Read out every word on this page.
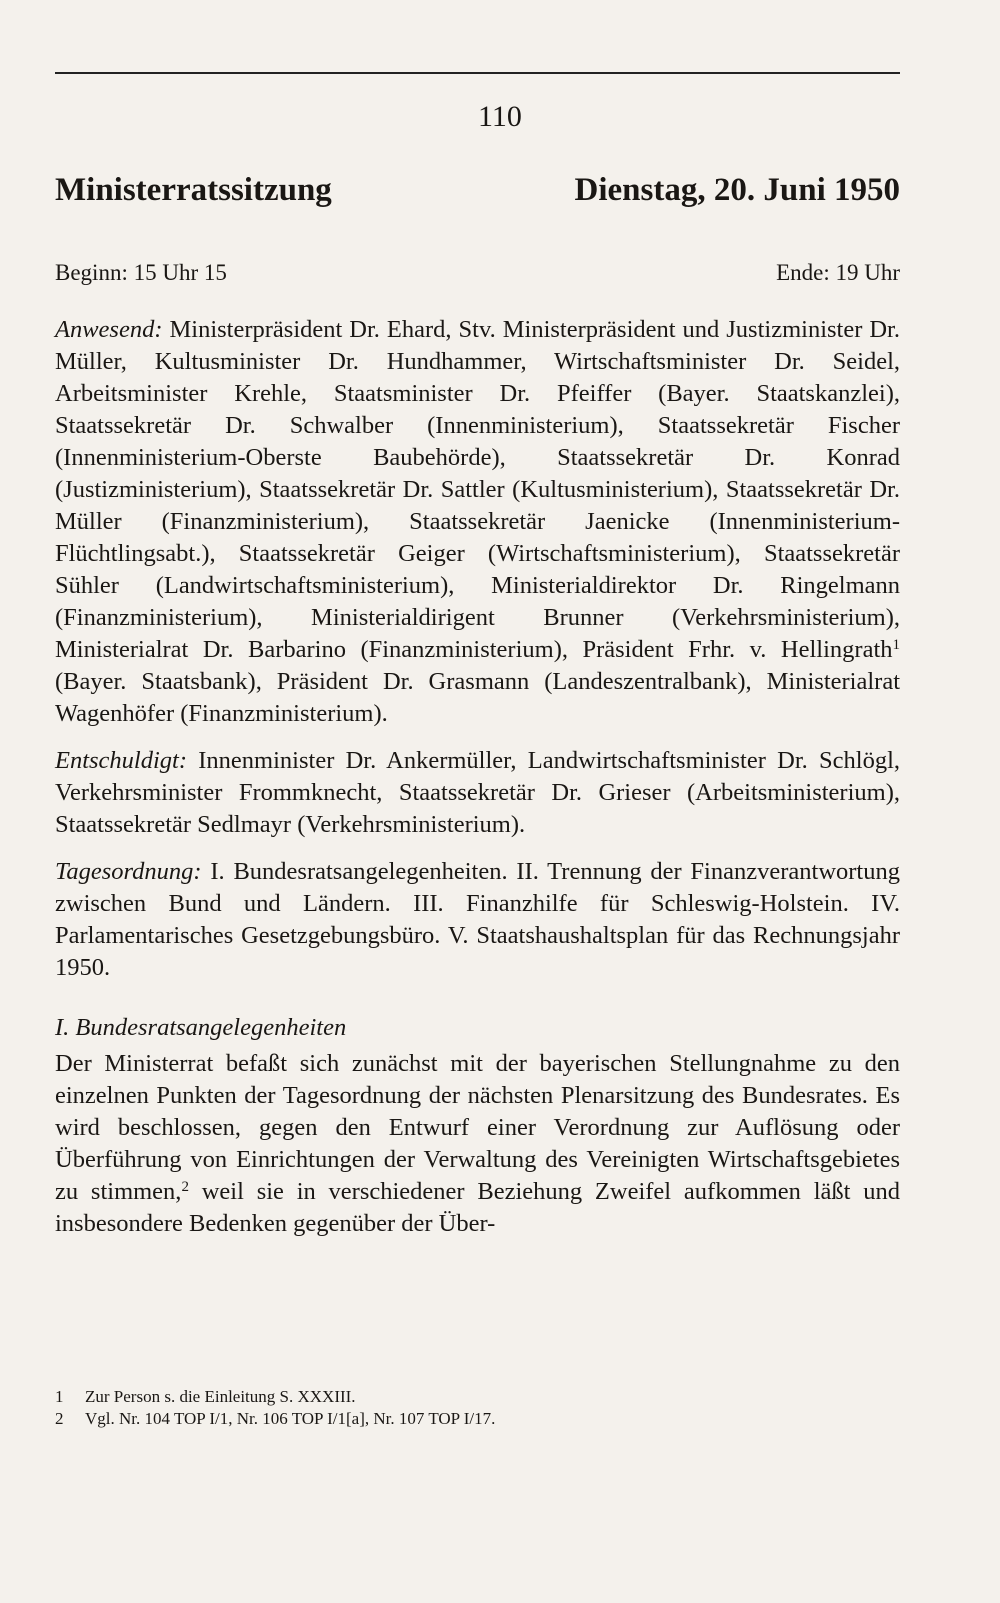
110
Ministerratssitzung	Dienstag, 20. Juni 1950
Beginn: 15 Uhr 15	Ende: 19 Uhr

Anwesend: Ministerpräsident Dr. Ehard, Stv. Ministerpräsident und Justizminister Dr. Müller, Kultusminister Dr. Hundhammer, Wirtschaftsminister Dr. Seidel, Arbeitsminister Krehle, Staatsminister Dr. Pfeiffer (Bayer. Staatskanzlei), Staatssekretär Dr. Schwalber (Innenministerium), Staatssekretär Fischer (Innenministerium-Oberste Baubehörde), Staatssekretär Dr. Konrad (Justizministerium), Staatssekretär Dr. Sattler (Kultusministerium), Staatssekretär Dr. Müller (Finanzministerium), Staatssekretär Jaenicke (Innenministerium-Flüchtlingsabt.), Staatssekretär Geiger (Wirtschaftsministerium), Staatssekretär Sühler (Landwirtschaftsministerium), Ministerialdirektor Dr. Ringelmann (Finanzministerium), Ministerialdirigent Brunner (Verkehrsministerium), Ministerialrat Dr. Barbarino (Finanzministerium), Präsident Frhr. v. Hellingrath$^1$ (Bayer. Staatsbank), Präsident Dr. Grasmann (Landeszentralbank), Ministerialrat Wagenhöfer (Finanzministerium).

Entschuldigt: Innenminister Dr. Ankermüller, Landwirtschaftsminister Dr. Schlögl, Verkehrsminister Frommknecht, Staatssekretär Dr. Grieser (Arbeitsministerium), Staatssekretär Sedlmayr (Verkehrsministerium).

Tagesordnung: I. Bundesratsangelegenheiten. II. Trennung der Finanzverantwortung zwischen Bund und Ländern. III. Finanzhilfe für Schleswig-Holstein. IV. Parlamentarisches Gesetzgebungsbüro. V. Staatshaushaltsplan für das Rechnungsjahr 1950.

I. Bundesratsangelegenheiten

Der Ministerrat befaßt sich zunächst mit der bayerischen Stellungnahme zu den einzelnen Punkten der Tagesordnung der nächsten Plenarsitzung des Bundesrates. Es wird beschlossen, gegen den Entwurf einer Verordnung zur Auflösung oder Überführung von Einrichtungen der Verwaltung des Vereinigten Wirtschaftsgebietes zu stimmen,$^2$ weil sie in verschiedener Beziehung Zweifel aufkommen läßt und insbesondere Bedenken gegenüber der Über-

1	Zur Person s. die Einleitung S. XXXIII.
2	Vgl. Nr. 104 TOP I/1, Nr. 106 TOP I/1[a], Nr. 107 TOP I/17.
